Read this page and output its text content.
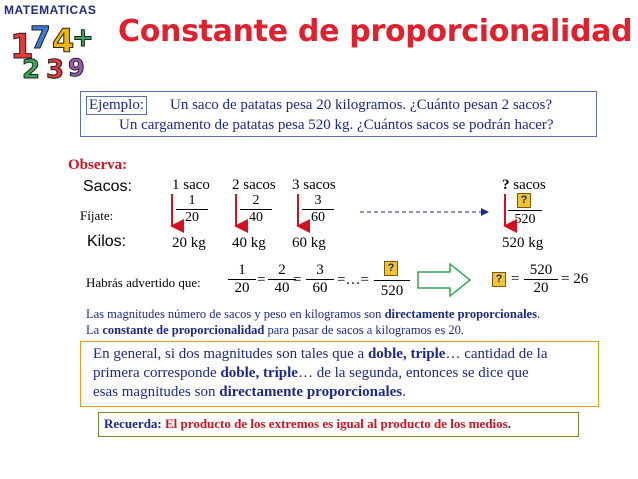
MATEMATICAS
1
7 4
+
2 3 9
Constante de proporcionalidad
Ejemplo: Un saco de patatas pesa 20 kilogramos. ¿Cuánto pesan 2 sacos?
Un cargamento de patatas pesa 520 kg. ¿Cuántos sacos se podrán hacer?
Observa:
Sacos:
Fíjate:
Kilos:
1 saco
1
20
20 kg
2 sacos
2
40
40 kg
3 sacos
3
60
60 kg
? sacos
?
520
520 kg
Habrás advertido que:
1
20 =
2
40 =
3
60 =…=
?
520
? =
520
20
= 26
Las magnitudes número de sacos y peso en kilogramos son directamente proporcionales.
La constante de proporcionalidad para pasar de sacos a kilogramos es 20.
En general, si dos magnitudes son tales que a doble, triple… cantidad de la
primera corresponde doble, triple… de la segunda, entonces se dice que
esas magnitudes son directamente proporcionales.
Recuerda: El producto de los extremos es igual al producto de los medios.
